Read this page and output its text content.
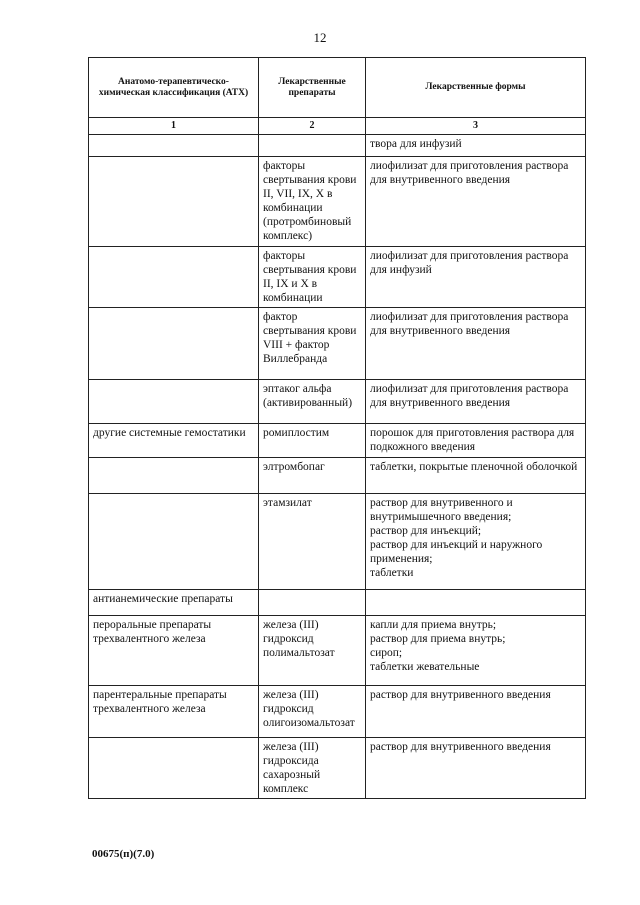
12
Анатомо-терапевтическо-химическая классификация (АТХ)	Лекарственные препараты	Лекарственные формы
1	2	3
		твора для инфузий
	факторы свертывания крови II, VII, IX, X в комбинации (протромбиновый комплекс)	лиофилизат для приготовления раствора для внутривенного введения
	факторы свертывания крови II, IX и X в комбинации	лиофилизат для приготовления раствора для инфузий
	фактор свертывания крови VIII + фактор Виллебранда	лиофилизат для приготовления раствора для внутривенного введения
	эптаког альфа (активированный)	лиофилизат для приготовления раствора для внутривенного введения
другие системные гемостатики	ромиплостим	порошок для приготовления раствора для подкожного введения
	элтромбопаг	таблетки, покрытые пленочной оболочкой
	этамзилат	раствор для внутривенного и внутримышечного введения;
раствор для инъекций;
раствор для инъекций и наружного применения;
таблетки
антианемические препараты		
пероральные препараты трехвалентного железа	железа (III) гидроксид полимальтозат	капли для приема внутрь;
раствор для приема внутрь;
сироп;
таблетки жевательные
парентеральные препараты трехвалентного железа	железа (III) гидроксид олигоизомальтозат	раствор для внутривенного введения
	железа (III) гидроксида сахарозный комплекс	раствор для внутривенного введения
00675(п)(7.0)
